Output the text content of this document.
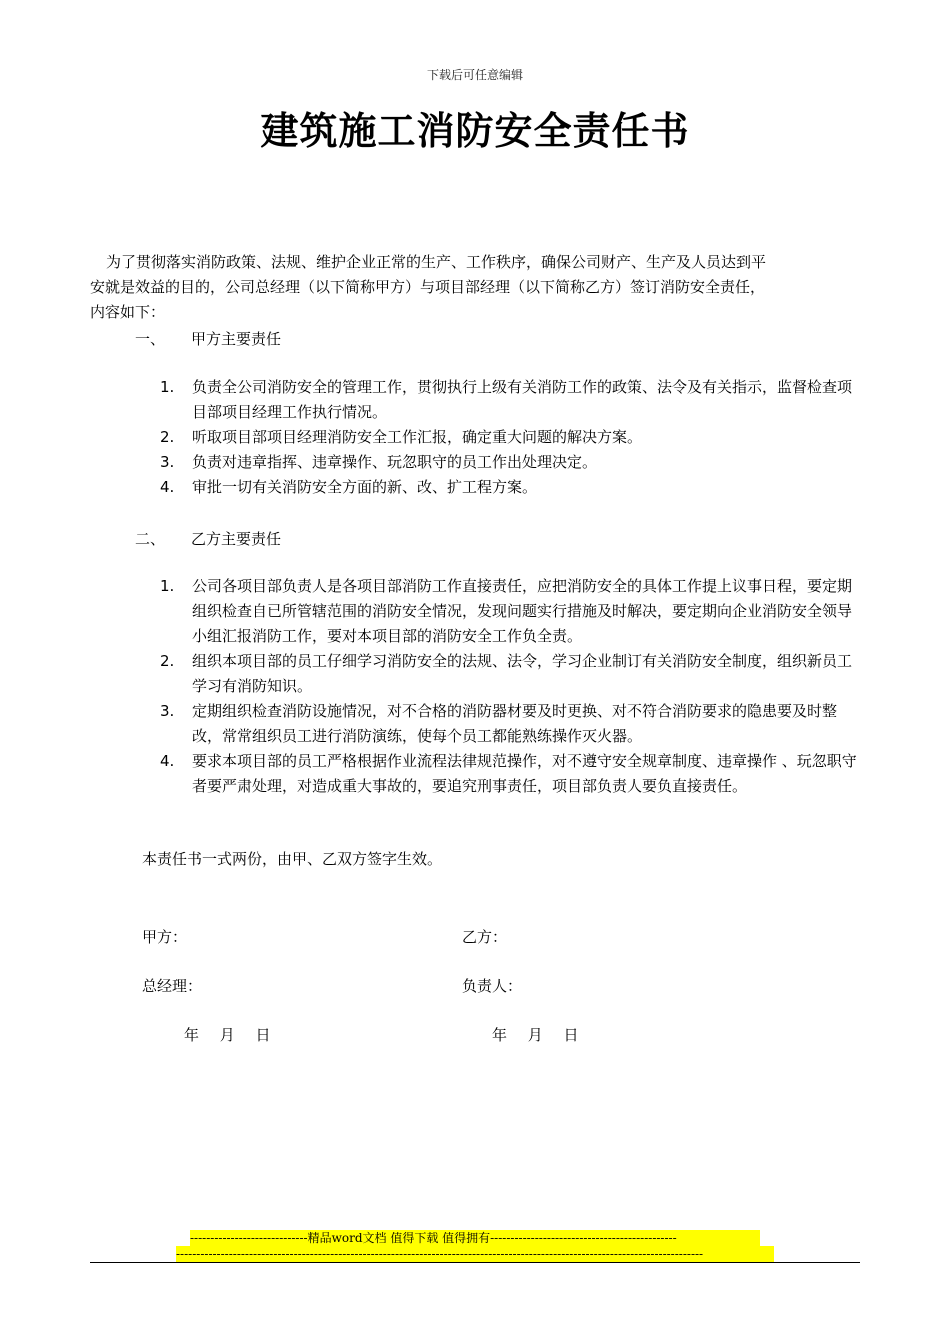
下载后可任意编辑
建筑施工消防安全责任书

为了贯彻落实消防政策、法规、维护企业正常的生产、工作秩序，确保公司财产、生产及人员达到平

安就是效益的目的，公司总经理（以下简称甲方）与项目部经理（以下简称乙方）签订消防安全责任，

内容如下：

一、 甲方主要责任
1. 负责全公司消防安全的管理工作，贯彻执行上级有关消防工作的政策、法令及有关指示，监督检查项目部项目经理工作执行情况。
2. 听取项目部项目经理消防安全工作汇报，确定重大问题的解决方案。
3. 负责对违章指挥、违章操作、玩忽职守的员工作出处理决定。
4. 审批一切有关消防安全方面的新、改、扩工程方案。
二、 乙方主要责任
1. 公司各项目部负责人是各项目部消防工作直接责任，应把消防安全的具体工作提上议事日程，要定期组织检查自已所管辖范围的消防安全情况，发现问题实行措施及时解决，要定期向企业消防安全领导小组汇报消防工作，要对本项目部的消防安全工作负全责。
2. 组织本项目部的员工仔细学习消防安全的法规、法令，学习企业制订有关消防安全制度，组织新员工学习有消防知识。
3. 定期组织检查消防设施情况，对不合格的消防器材要及时更换、对不符合消防要求的隐患要及时整改，常常组织员工进行消防演练，使每个员工都能熟练操作灭火器。
4. 要求本项目部的员工严格根据作业流程法律规范操作，对不遵守安全规章制度、违章操作 、玩忽职守者要严肃处理，对造成重大事故的，要追究刑事责任，项目部负责人要负直接责任。
本责任书一式两份，由甲、乙双方签字生效。
甲方：	乙方：
总经理：	负责人：
年 月 日	年 月 日
-----------------------------精品word文档 值得下载 值得拥有----------------------------------------------
----------------------------------------------------------------------------------------------------------------------------------
